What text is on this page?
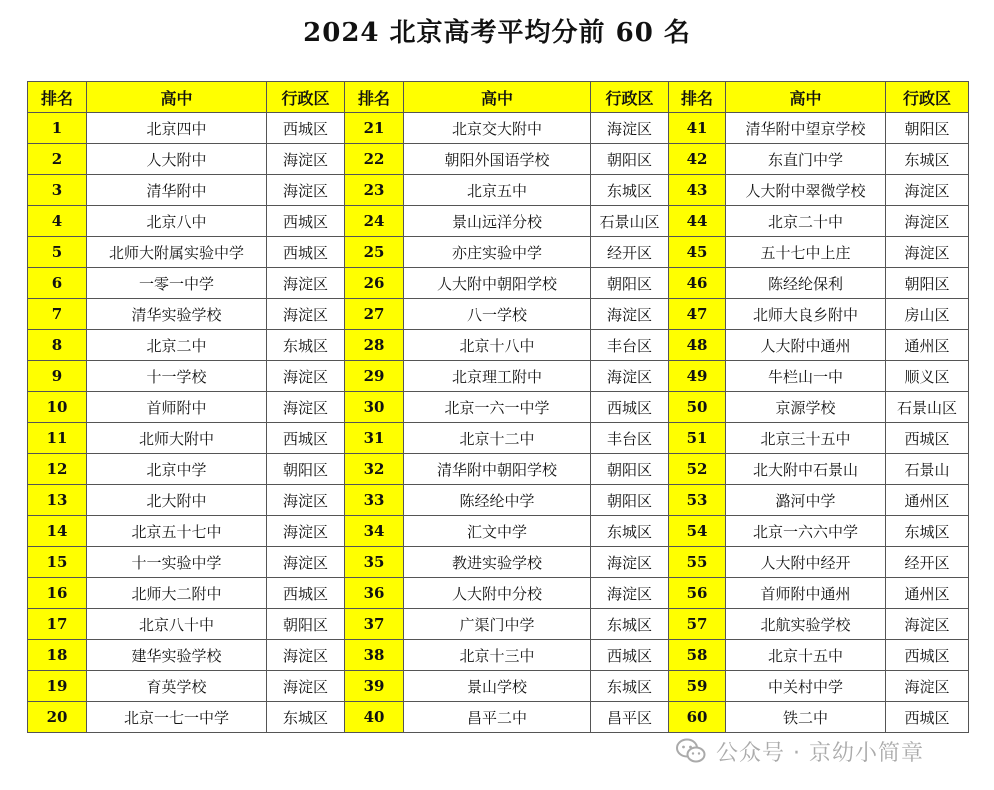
2024 北京高考平均分前 60 名
排名	高中	行政区	排名	高中	行政区	排名	高中	行政区
1	北京四中	西城区	21	北京交大附中	海淀区	41	清华附中望京学校	朝阳区
2	人大附中	海淀区	22	朝阳外国语学校	朝阳区	42	东直门中学	东城区
3	清华附中	海淀区	23	北京五中	东城区	43	人大附中翠微学校	海淀区
4	北京八中	西城区	24	景山远洋分校	石景山区	44	北京二十中	海淀区
5	北师大附属实验中学	西城区	25	亦庄实验中学	经开区	45	五十七中上庄	海淀区
6	一零一中学	海淀区	26	人大附中朝阳学校	朝阳区	46	陈经纶保利	朝阳区
7	清华实验学校	海淀区	27	八一学校	海淀区	47	北师大良乡附中	房山区
8	北京二中	东城区	28	北京十八中	丰台区	48	人大附中通州	通州区
9	十一学校	海淀区	29	北京理工附中	海淀区	49	牛栏山一中	顺义区
10	首师附中	海淀区	30	北京一六一中学	西城区	50	京源学校	石景山区
11	北师大附中	西城区	31	北京十二中	丰台区	51	北京三十五中	西城区
12	北京中学	朝阳区	32	清华附中朝阳学校	朝阳区	52	北大附中石景山	石景山
13	北大附中	海淀区	33	陈经纶中学	朝阳区	53	潞河中学	通州区
14	北京五十七中	海淀区	34	汇文中学	东城区	54	北京一六六中学	东城区
15	十一实验中学	海淀区	35	教进实验学校	海淀区	55	人大附中经开	经开区
16	北师大二附中	西城区	36	人大附中分校	海淀区	56	首师附中通州	通州区
17	北京八十中	朝阳区	37	广渠门中学	东城区	57	北航实验学校	海淀区
18	建华实验学校	海淀区	38	北京十三中	西城区	58	北京十五中	西城区
19	育英学校	海淀区	39	景山学校	东城区	59	中关村中学	海淀区
20	北京一七一中学	东城区	40	昌平二中	昌平区	60	铁二中	西城区
公众号 · 京幼小简章
